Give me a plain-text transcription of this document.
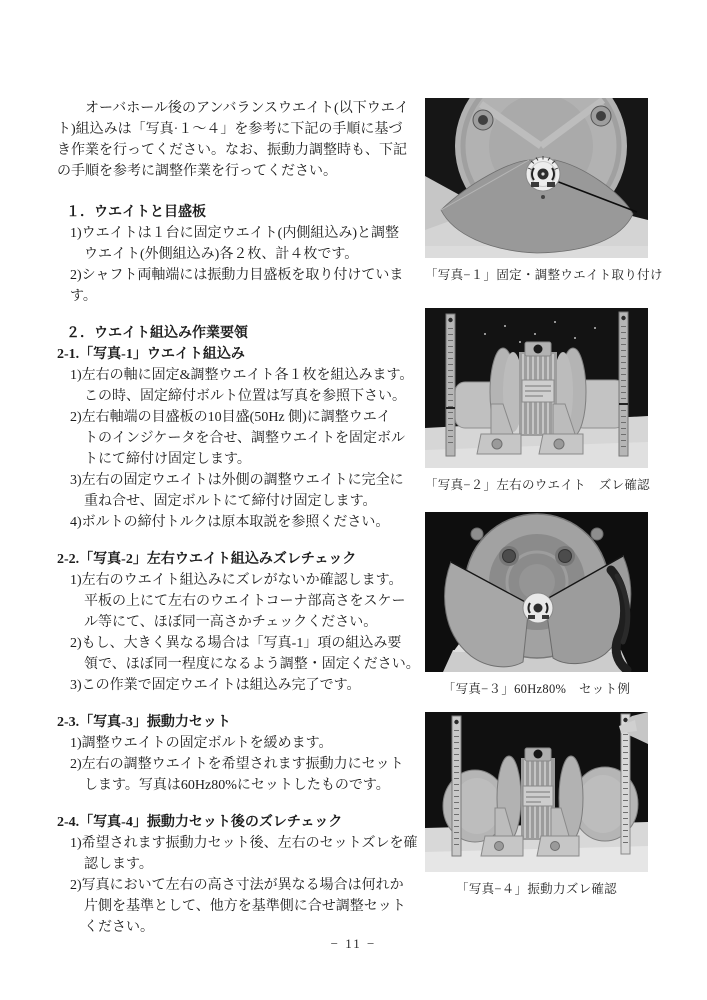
　　オーバホール後のアンバランスウエイト(以下ウエイ
ト)組込みは「写真·１～４」を参考に下記の手順に基づ
き作業を行ってください。なお、振動力調整時も、下記
の手順を参考に調整作業を行ってください。
１．ウエイトと目盛板
1)ウエイトは１台に固定ウエイト(内側組込み)と調整
　ウエイト(外側組込み)各２枚、計４枚です。
2)シャフト両軸端には振動力目盛板を取り付けています。
２．ウエイト組込み作業要領
2-1.「写真-1」ウエイト組込み
1)左右の軸に固定&調整ウエイト各１枚を組込みます。
　この時、固定締付ボルト位置は写真を参照下さい。
2)左右軸端の目盛板の10目盛(50Hz 側)に調整ウエイ
　トのインジケータを合せ、調整ウエイトを固定ボル
　トにて締付け固定します。
3)左右の固定ウエイトは外側の調整ウエイトに完全に
　重ね合せ、固定ボルトにて締付け固定します。
4)ボルトの締付トルクは原本取説を参照ください。
2-2.「写真-2」左右ウエイト組込みズレチェック
1)左右のウエイト組込みにズレがないか確認します。
　平板の上にて左右のウエイトコーナ部高さをスケー
　ル等にて、ほぼ同一高さかチェックください。
2)もし、大きく異なる場合は「写真-1」項の組込み要
　領で、ほぼ同一程度になるよう調整・固定ください。
3)この作業で固定ウエイトは組込み完了です。
2-3.「写真-3」振動力セット
1)調整ウエイトの固定ボルトを緩めます。
2)左右の調整ウエイトを希望されます振動力にセット
　します。写真は60Hz80%にセットしたものです。
2-4.「写真-4」振動力セット後のズレチェック
1)希望されます振動力セット後、左右のセットズレを確
　認します。
2)写真において左右の高さ寸法が異なる場合は何れか
　片側を基準として、他方を基準側に合せ調整セット
　ください。
「写真−１」固定・調整ウエイト取り付け
「写真−２」左右のウエイト　ズレ確認
「写真−３」60Hz80%　セット例
「写真−４」振動力ズレ確認
− 11 −
